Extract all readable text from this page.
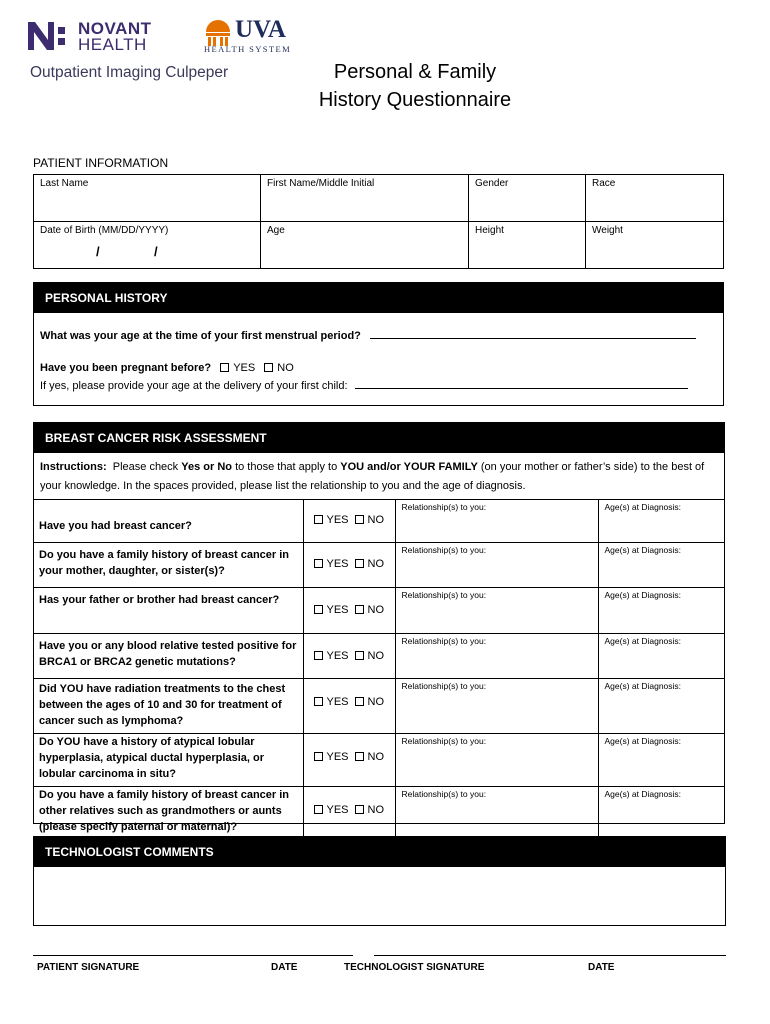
NOVANT
HEALTH
UVA
HEALTH SYSTEM
Outpatient Imaging Culpeper	Personal & Family
History Questionnaire
PATIENT INFORMATION
Last Name	First Name/Middle Initial	Gender	Race
Date of Birth (MM/DD/YYYY)
/ /	Age	Height	Weight
PERSONAL HISTORY
What was your age at the time of your first menstrual period?
Have you been pregnant before? YES NO
If yes, please provide your age at the delivery of your first child:
BREAST CANCER RISK ASSESSMENT
Instructions: Please check Yes or No to those that apply to YOU and/or YOUR FAMILY (on your mother or father’s side) to the best of your knowledge. In the spaces provided, please list the relationship to you and the age of diagnosis.
Have you had breast cancer?	YES NO	Relationship(s) to you:	Age(s) at Diagnosis:
Do you have a family history of breast cancer in your mother, daughter, or sister(s)?	YES NO	Relationship(s) to you:	Age(s) at Diagnosis:
Has your father or brother had breast cancer?	YES NO	Relationship(s) to you:	Age(s) at Diagnosis:
Have you or any blood relative tested positive for BRCA1 or BRCA2 genetic mutations?	YES NO	Relationship(s) to you:	Age(s) at Diagnosis:
Did YOU have radiation treatments to the chest between the ages of 10 and 30 for treatment of cancer such as lymphoma?	YES NO	Relationship(s) to you:	Age(s) at Diagnosis:
Do YOU have a history of atypical lobular hyperplasia, atypical ductal hyperplasia, or lobular carcinoma in situ?	YES NO	Relationship(s) to you:	Age(s) at Diagnosis:
Do you have a family history of breast cancer in other relatives such as grandmothers or aunts (please specify paternal or maternal)?	YES NO	Relationship(s) to you:	Age(s) at Diagnosis:
TECHNOLOGIST COMMENTS
PATIENT SIGNATURE	DATE	TECHNOLOGIST SIGNATURE	DATE
